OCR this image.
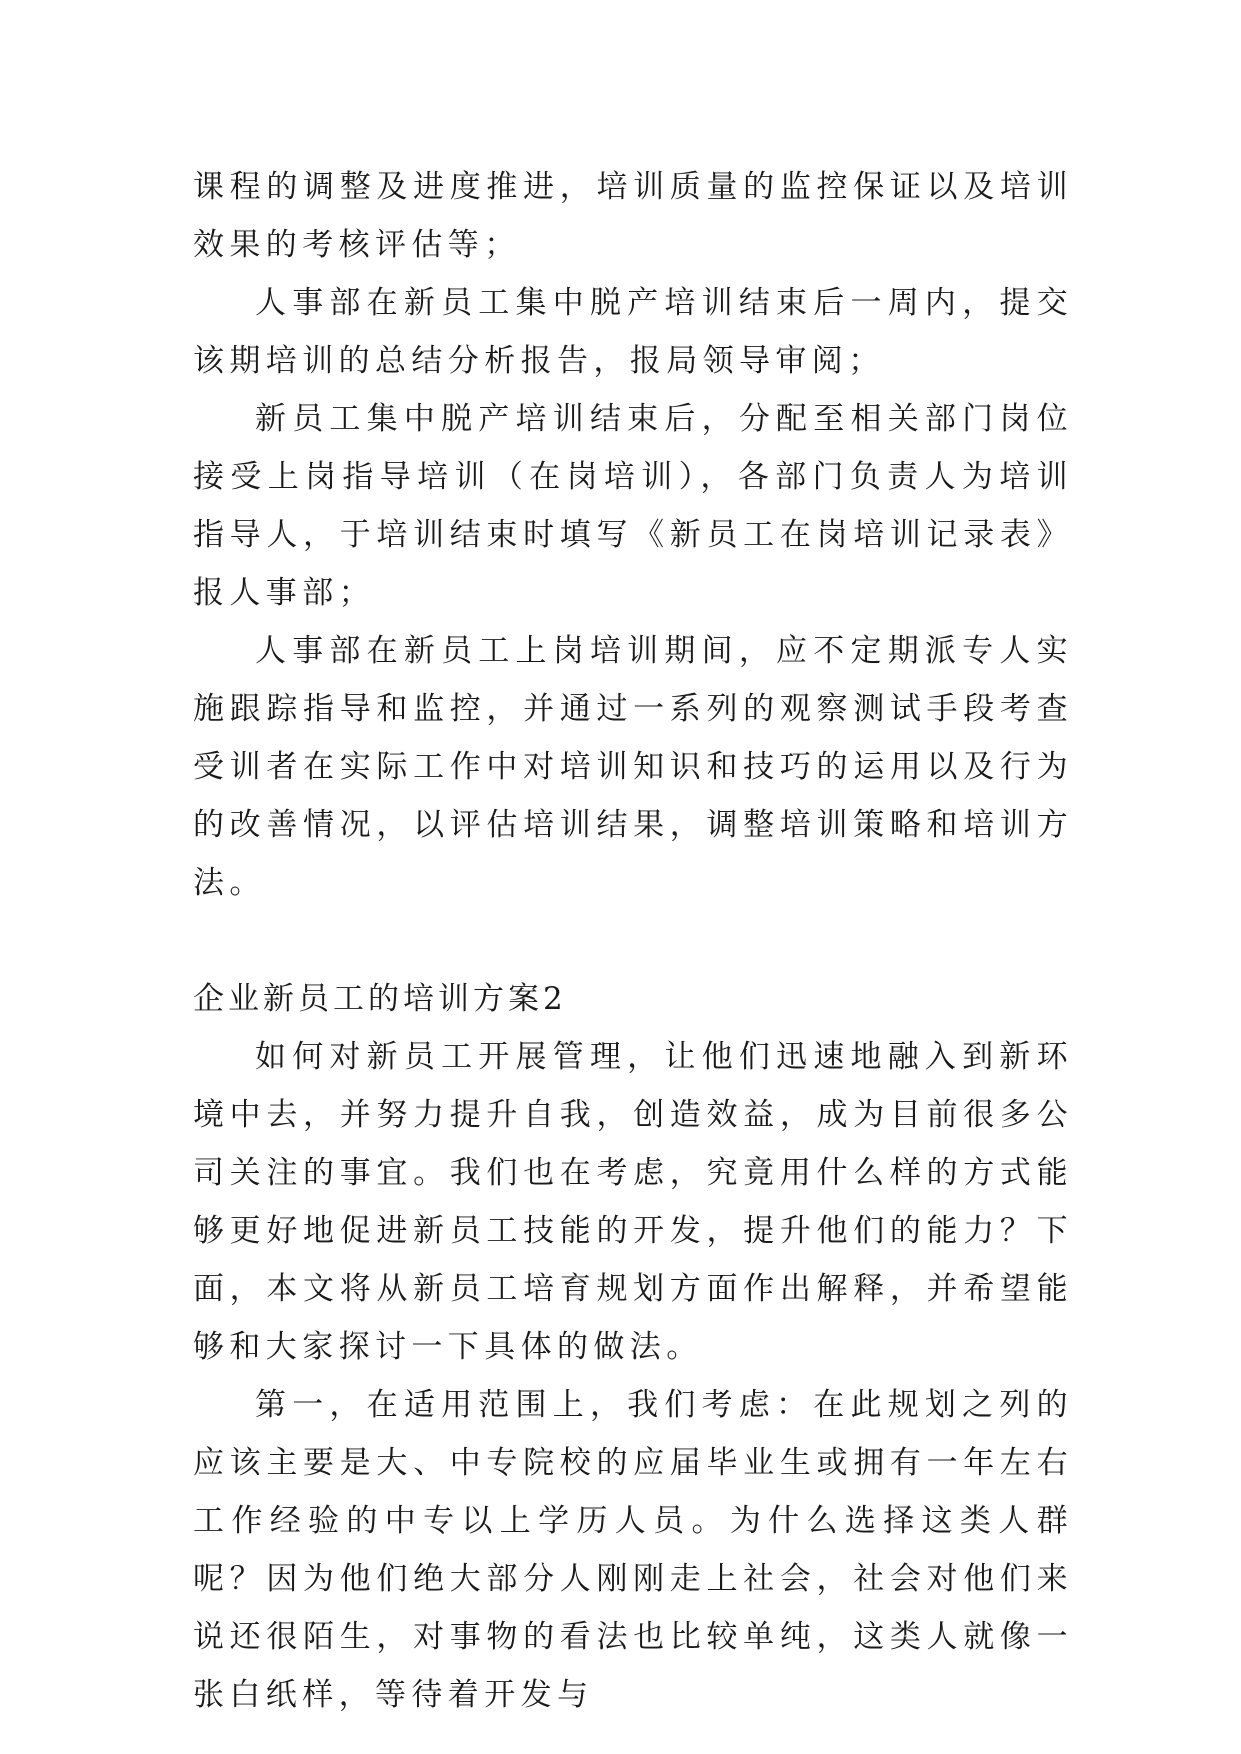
课程的调整及进度推进，培训质量的监控保证以及培训效果的考核评估等；

人事部在新员工集中脱产培训结束后一周内，提交该期培训的总结分析报告，报局领导审阅；

新员工集中脱产培训结束后，分配至相关部门岗位接受上岗指导培训（在岗培训），各部门负责人为培训指导人，于培训结束时填写《新员工在岗培训记录表》报人事部；

人事部在新员工上岗培训期间，应不定期派专人实施跟踪指导和监控，并通过一系列的观察测试手段考查受训者在实际工作中对培训知识和技巧的运用以及行为的改善情况，以评估培训结果，调整培训策略和培训方法。

企业新员工的培训方案2

如何对新员工开展管理，让他们迅速地融入到新环境中去，并努力提升自我，创造效益，成为目前很多公司关注的事宜。我们也在考虑，究竟用什么样的方式能够更好地促进新员工技能的开发，提升他们的能力？下面，本文将从新员工培育规划方面作出解释，并希望能够和大家探讨一下具体的做法。

第一，在适用范围上，我们考虑：在此规划之列的应该主要是大、中专院校的应届毕业生或拥有一年左右工作经验的中专以上学历人员。为什么选择这类人群呢？因为他们绝大部分人刚刚走上社会，社会对他们来说还很陌生，对事物的看法也比较单纯，这类人就像一张白纸样，等待着开发与
